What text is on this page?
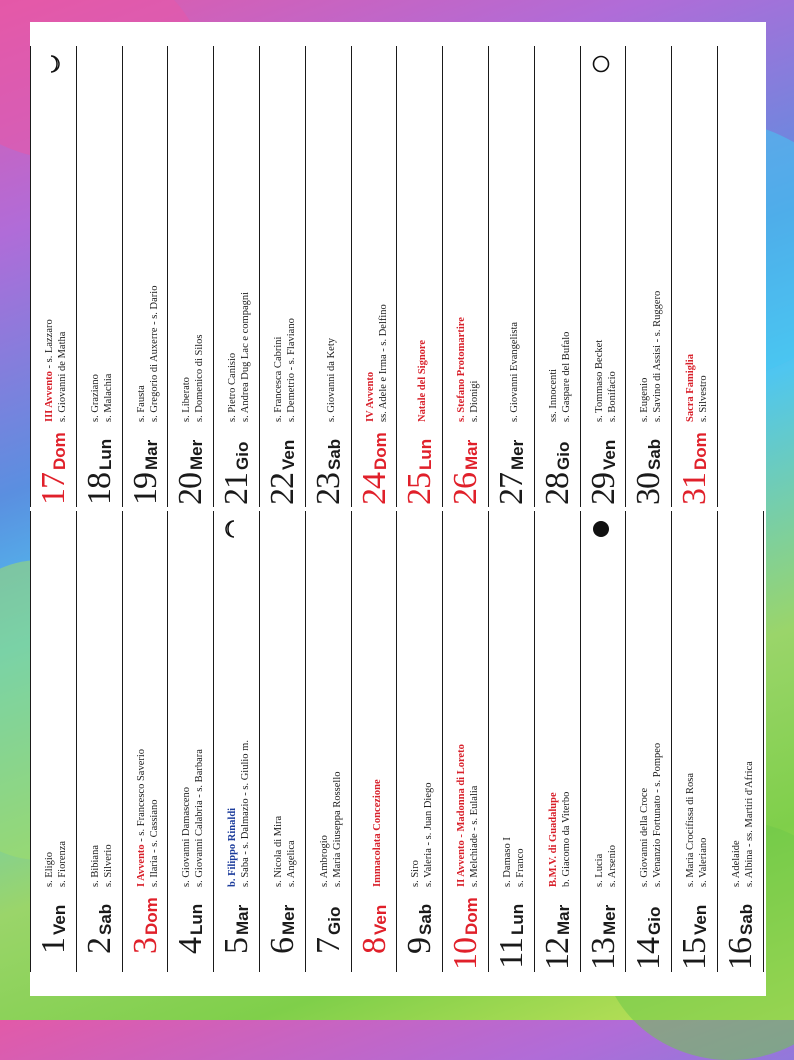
1
Ven
s. Eligio s. Fiorenza
2
Sab
s. Bibiana s. Silverio
3
Dom
I Avvento - s. Francesco Saverio s. Ilaria - s. Cassiano
4
Lun
s. Giovanni Damasceno s. Giovanni Calabria - s. Barbara
5
Mar
b. Filippo Rinaldi s. Saba - s. Dalmazio - s. Giulio m.
6
Mer
s. Nicola di Mira s. Angelica
7
Gio
s. Ambrogio s. Maria Giuseppa Rossello
8
Ven
Immacolata Concezione
9
Sab
s. Siro s. Valeria - s. Juan Diego
10
Dom
II Avvento - Madonna di Loreto s. Melchiade - s. Eulalia
11
Lun
s. Damaso I s. Franco
12
Mar
B.M.V. di Guadalupe b. Giacomo da Viterbo
13
Mer
s. Lucia s. Arsenio
14
Gio
s. Giovanni della Croce s. Venanzio Fortunato - s. Pompeo
15
Ven
s. Maria Crocifissa di Rosa s. Valeriano
16
Sab
s. Adelaide s. Albina - ss. Martiri d'Africa
17
Dom
III Avvento - s. Lazzaro s. Giovanni de Matha
18
Lun
s. Graziano s. Malachia
19
Mar
s. Fausta s. Gregorio di Auxerre - s. Dario
20
Mer
s. Liberato s. Domenico di Silos
21
Gio
s. Pietro Canisio s. Andrea Dug Lac e compagni
22
Ven
s. Francesca Cabrini s. Demetrio - s. Flaviano
23
Sab
s. Giovanni da Kety
24
Dom
IV Avvento ss. Adele e Irma - s. Delfino
25
Lun
Natale del Signore
26
Mar
s. Stefano Protomartire s. Dionigi
27
Mer
s. Giovanni Evangelista
28
Gio
ss. Innocenti s. Gaspare del Bufalo
29
Ven
s. Tommaso Becket s. Bonifacio
30
Sab
s. Eugenio s. Savino di Assisi - s. Ruggero
31
Dom
Sacra Famiglia s. Silvestro
